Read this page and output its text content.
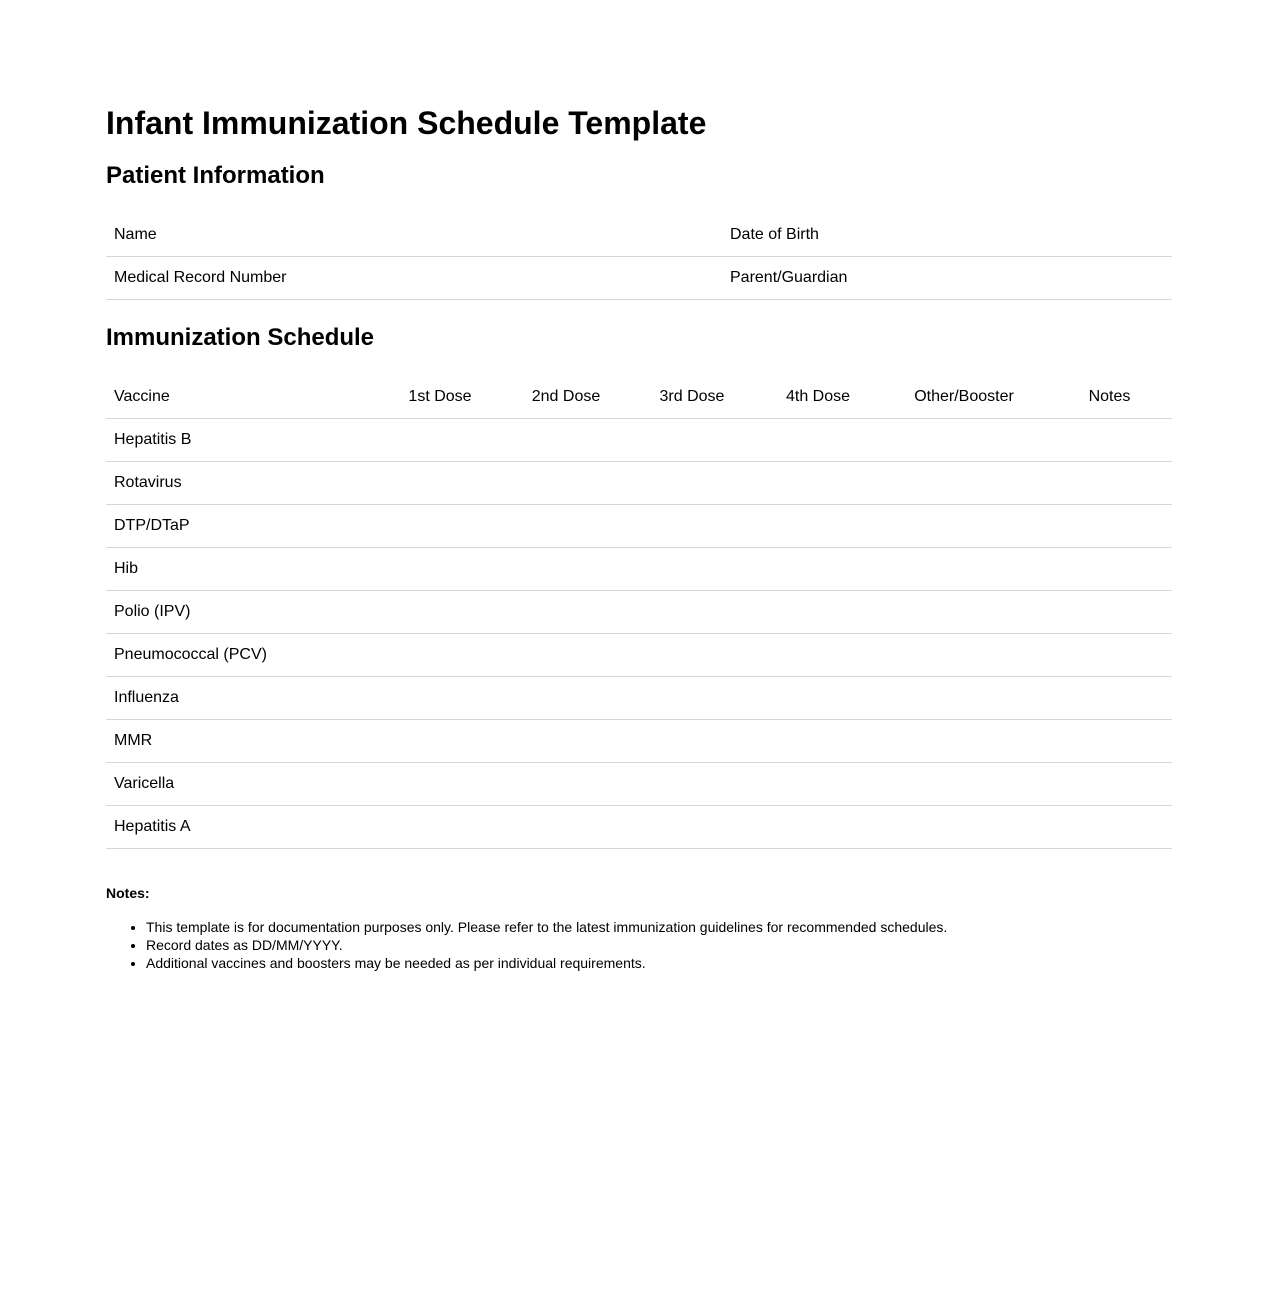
Infant Immunization Schedule Template
Patient Information
Name	Date of Birth
Medical Record Number	Parent/Guardian
Immunization Schedule
Vaccine	1st Dose	2nd Dose	3rd Dose	4th Dose	Other/Booster	Notes
Hepatitis B						
Rotavirus						
DTP/DTaP						
Hib						
Polio (IPV)						
Pneumococcal (PCV)						
Influenza						
MMR						
Varicella						
Hepatitis A						

Notes:

• This template is for documentation purposes only. Please refer to the latest immunization guidelines for recommended schedules.
• Record dates as DD/MM/YYYY.
• Additional vaccines and boosters may be needed as per individual requirements.
